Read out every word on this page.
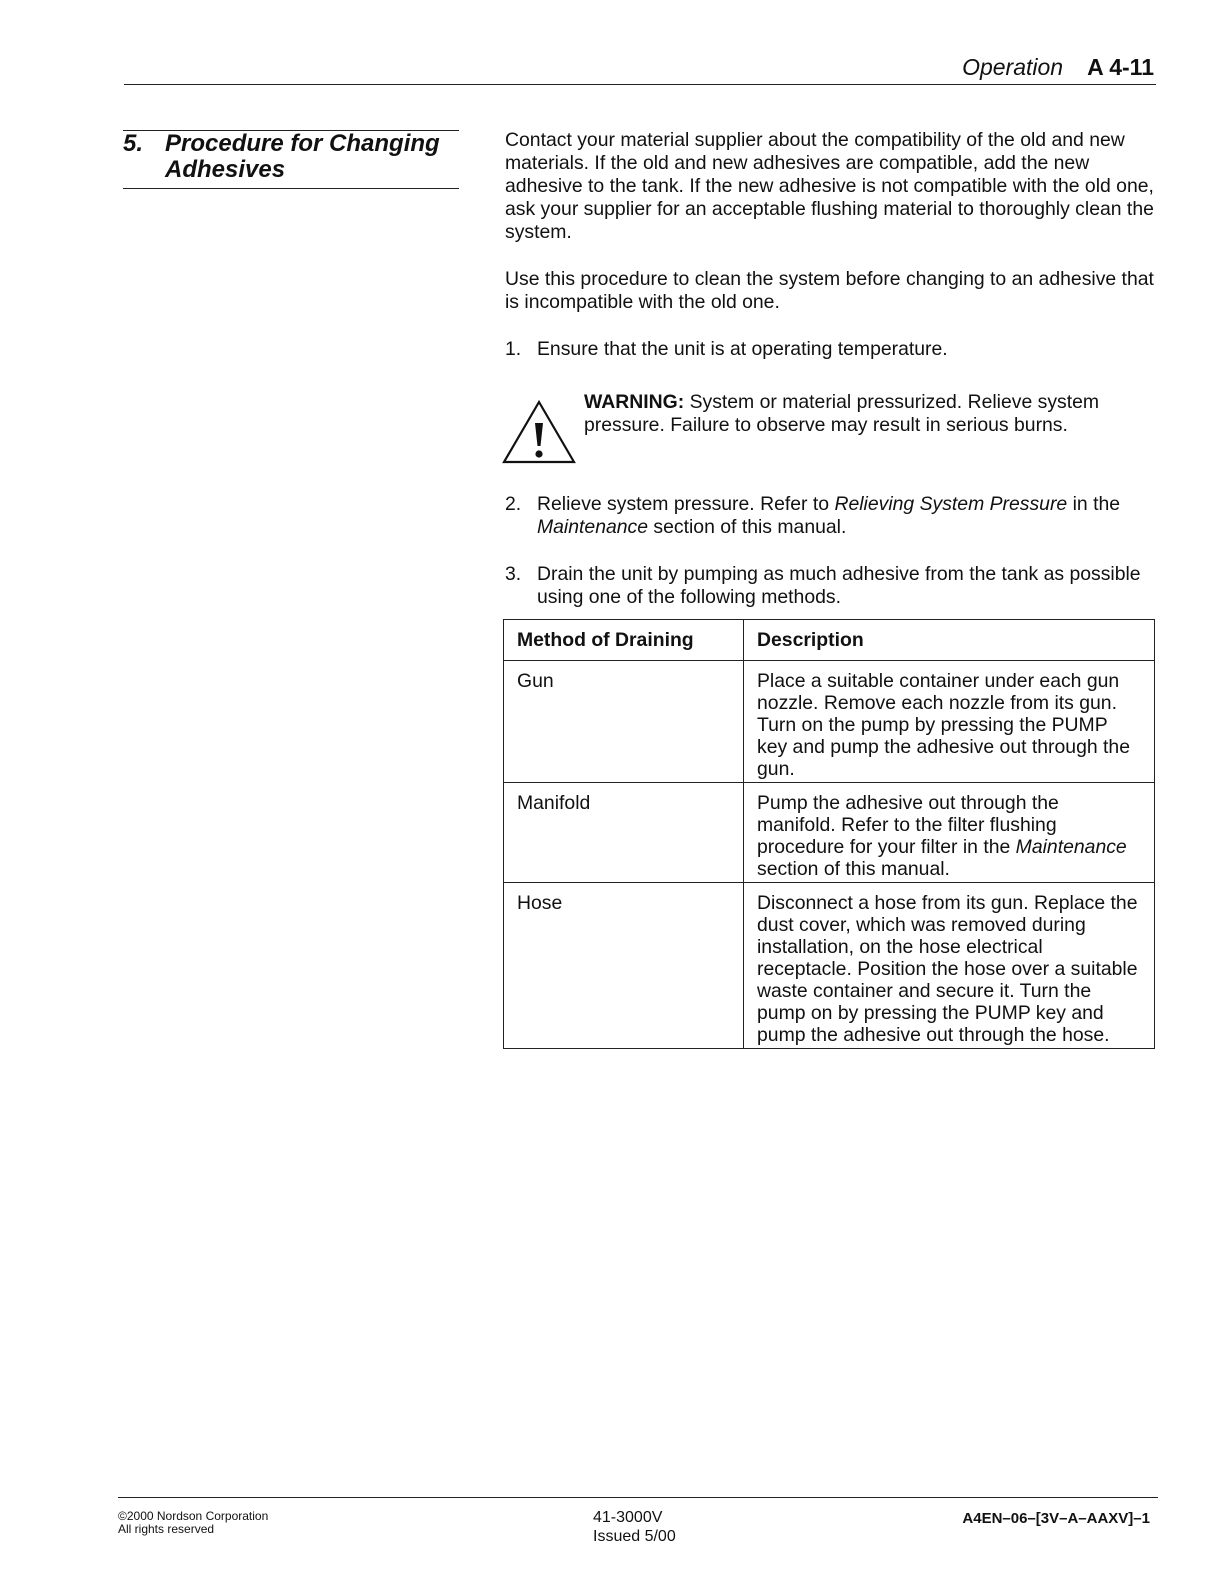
Operation A 4-11
5. Procedure for Changing
Adhesives

Contact your material supplier about the compatibility of the old and new materials. If the old and new adhesives are compatible, add the new adhesive to the tank. If the new adhesive is not compatible with the old one, ask your supplier for an acceptable flushing material to thoroughly clean the system.

Use this procedure to clean the system before changing to an adhesive that is incompatible with the old one.

1. Ensure that the unit is at operating temperature.
WARNING: System or material pressurized. Relieve system pressure. Failure to observe may result in serious burns.
2. Relieve system pressure. Refer to Relieving System Pressure in the Maintenance section of this manual.
3. Drain the unit by pumping as much adhesive from the tank as possible using one of the following methods.
Method of Draining	Description
Gun	Place a suitable container under each gun nozzle. Remove each nozzle from its gun. Turn on the pump by pressing the PUMP key and pump the adhesive out through the gun.
Manifold	Pump the adhesive out through the manifold. Refer to the filter flushing procedure for your filter in the Maintenance section of this manual.
Hose	Disconnect a hose from its gun. Replace the dust cover, which was removed during installation, on the hose electrical receptacle. Position the hose over a suitable waste container and secure it. Turn the pump on by pressing the PUMP key and pump the adhesive out through the hose.
©2000 Nordson Corporation
All rights reserved
41-3000V
Issued 5/00
A4EN–06–[3V–A–AAXV]–1
